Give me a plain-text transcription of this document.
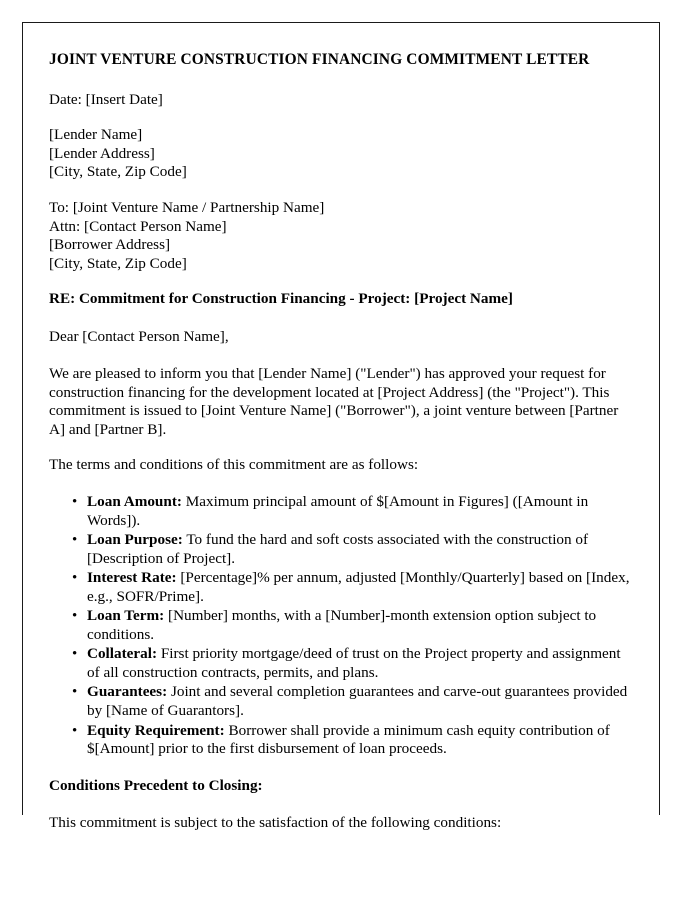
JOINT VENTURE CONSTRUCTION FINANCING COMMITMENT LETTER
Date: [Insert Date]
[Lender Name]
[Lender Address]
[City, State, Zip Code]
To: [Joint Venture Name / Partnership Name]
Attn: [Contact Person Name]
[Borrower Address]
[City, State, Zip Code]
RE: Commitment for Construction Financing - Project: [Project Name]
Dear [Contact Person Name],
We are pleased to inform you that [Lender Name] ("Lender") has approved your request for construction financing for the development located at [Project Address] (the "Project"). This commitment is issued to [Joint Venture Name] ("Borrower"), a joint venture between [Partner A] and [Partner B].
The terms and conditions of this commitment are as follows:
• Loan Amount: Maximum principal amount of $[Amount in Figures] ([Amount in Words]).
• Loan Purpose: To fund the hard and soft costs associated with the construction of [Description of Project].
• Interest Rate: [Percentage]% per annum, adjusted [Monthly/Quarterly] based on [Index, e.g., SOFR/Prime].
• Loan Term: [Number] months, with a [Number]-month extension option subject to conditions.
• Collateral: First priority mortgage/deed of trust on the Project property and assignment of all construction contracts, permits, and plans.
• Guarantees: Joint and several completion guarantees and carve-out guarantees provided by [Name of Guarantors].
• Equity Requirement: Borrower shall provide a minimum cash equity contribution of $[Amount] prior to the first disbursement of loan proceeds.
Conditions Precedent to Closing:
This commitment is subject to the satisfaction of the following conditions:
